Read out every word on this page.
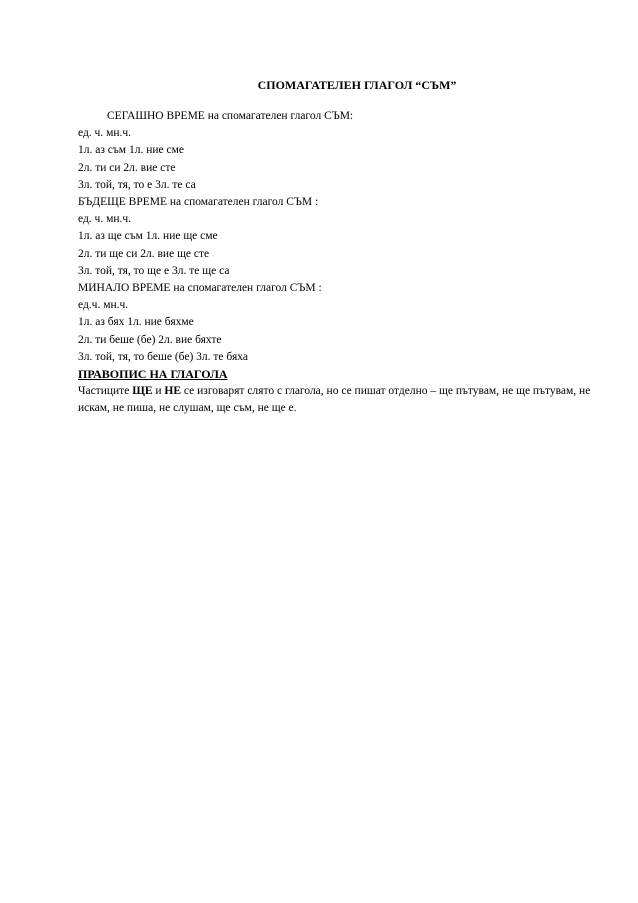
СПОМАГАТЕЛЕН ГЛАГОЛ “СЪМ”

СЕГАШНО ВРЕМЕ на спомагателен глагол СЪМ:

ед. ч. мн.ч.

1л. аз съм 1л. ние сме

2л. ти си 2л. вие сте

3л. той, тя, то е 3л. те са

БЪДЕЩЕ ВРЕМЕ на спомагателен глагол СЪМ :

ед. ч. мн.ч.

1л. аз ще съм 1л. ние ще сме

2л. ти ще си 2л. вие ще сте

3л. той, тя, то ще е 3л. те ще са

МИНАЛО ВРЕМЕ на спомагателен глагол СЪМ :

ед.ч. мн.ч.

1л. аз бях 1л. ние бяхме

2л. ти беше (бе) 2л. вие бяхте

3л. той, тя, то беше (бе) 3л. те бяха

ПРАВОПИС НА ГЛАГОЛА

Частиците ЩЕ и НЕ се изговарят слято с глагола, но се пишат отделно – ще пътувам, не ще пътувам, не искам, не пиша, не слушам, ще съм, не ще е.
